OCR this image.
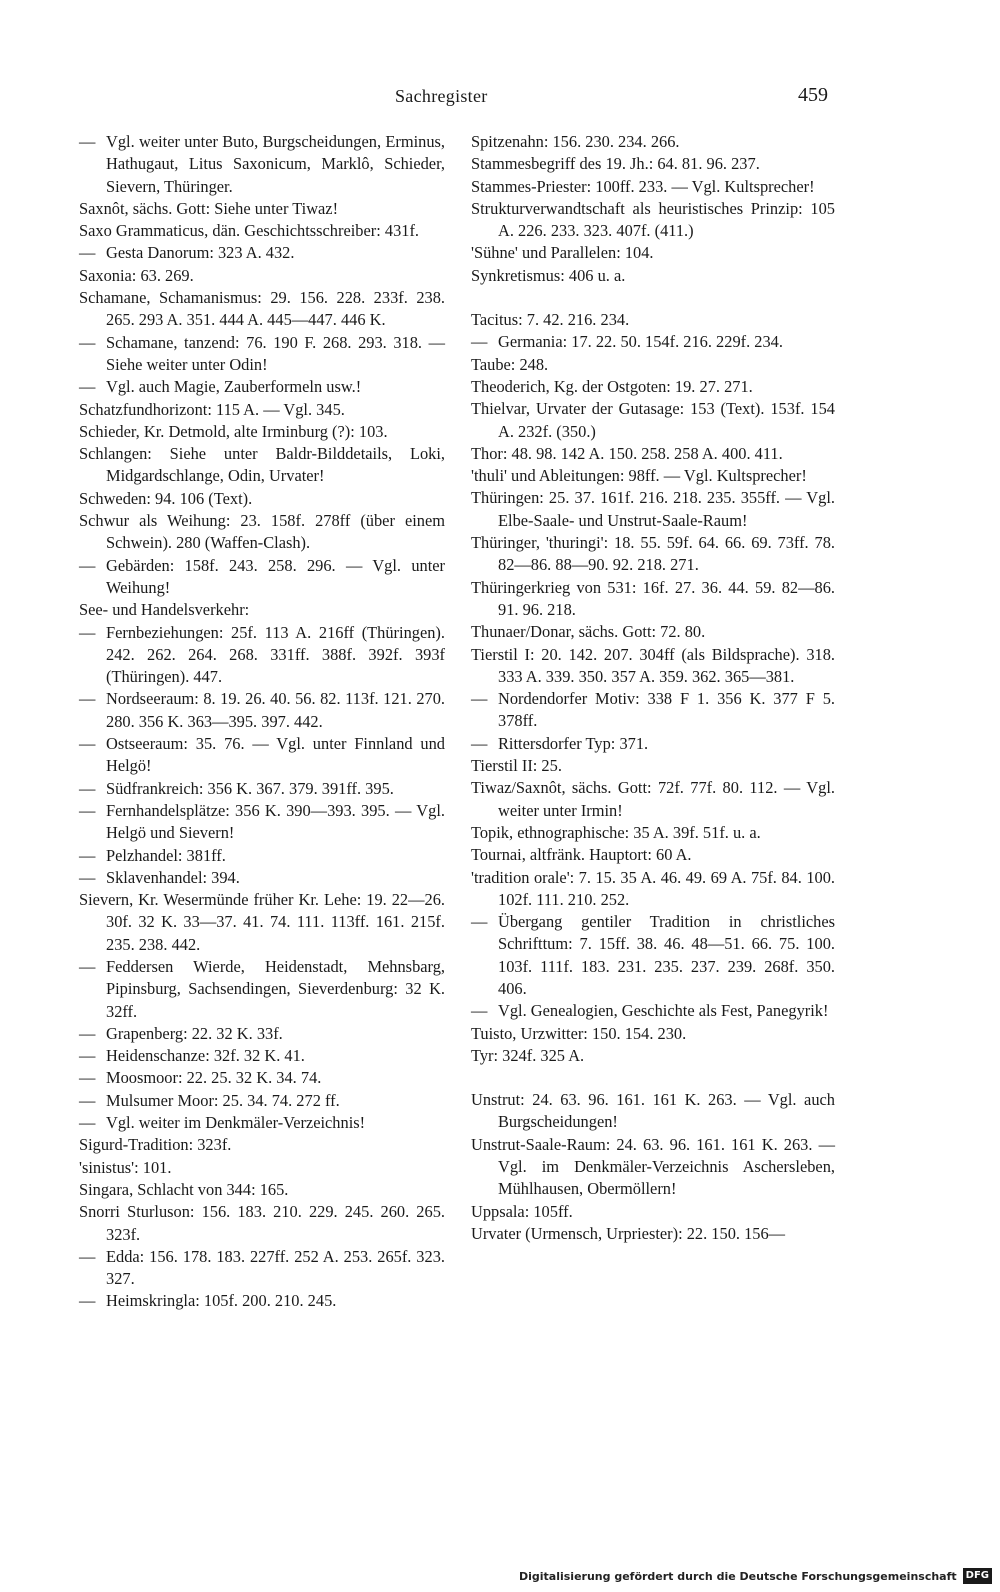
Sachregister	459

— Vgl. weiter unter Buto, Burgscheidungen, Erminus, Hathugaut, Litus Saxonicum, Marklô, Schieder, Sievern, Thüringer.

Saxnôt, sächs. Gott: Siehe unter Tiwaz!

Saxo Grammaticus, dän. Geschichtsschreiber: 431f.

— Gesta Danorum: 323 A. 432.

Saxonia: 63. 269.

Schamane, Schamanismus: 29. 156. 228. 233f. 238. 265. 293 A. 351. 444 A. 445—447. 446 K.

— Schamane, tanzend: 76. 190 F. 268. 293. 318. — Siehe weiter unter Odin!

— Vgl. auch Magie, Zauberformeln usw.!

Schatzfundhorizont: 115 A. — Vgl. 345.

Schieder, Kr. Detmold, alte Irminburg (?): 103.

Schlangen: Siehe unter Baldr-Bilddetails, Loki, Midgardschlange, Odin, Urvater!

Schweden: 94. 106 (Text).

Schwur als Weihung: 23. 158f. 278ff (über einem Schwein). 280 (Waffen-Clash).

— Gebärden: 158f. 243. 258. 296. — Vgl. unter Weihung!

See- und Handelsverkehr:

— Fernbeziehungen: 25f. 113 A. 216ff (Thüringen). 242. 262. 264. 268. 331ff. 388f. 392f. 393f (Thüringen). 447.

— Nordseeraum: 8. 19. 26. 40. 56. 82. 113f. 121. 270. 280. 356 K. 363—395. 397. 442.

— Ostseeraum: 35. 76. — Vgl. unter Finnland und Helgö!

— Südfrankreich: 356 K. 367. 379. 391ff. 395.

— Fernhandelsplätze: 356 K. 390—393. 395. — Vgl. Helgö und Sievern!

— Pelzhandel: 381ff.

— Sklavenhandel: 394.

Sievern, Kr. Wesermünde früher Kr. Lehe: 19. 22—26. 30f. 32 K. 33—37. 41. 74. 111. 113ff. 161. 215f. 235. 238. 442.

— Feddersen Wierde, Heidenstadt, Mehnsbarg, Pipinsburg, Sachsendingen, Sieverdenburg: 32 K. 32ff.

— Grapenberg: 22. 32 K. 33f.

— Heidenschanze: 32f. 32 K. 41.

— Moosmoor: 22. 25. 32 K. 34. 74.

— Mulsumer Moor: 25. 34. 74. 272 ff.

— Vgl. weiter im Denkmäler-Verzeichnis!

Sigurd-Tradition: 323f.

'sinistus': 101.

Singara, Schlacht von 344: 165.

Snorri Sturluson: 156. 183. 210. 229. 245. 260. 265. 323f.

— Edda: 156. 178. 183. 227ff. 252 A. 253. 265f. 323. 327.

— Heimskringla: 105f. 200. 210. 245.

Spitzenahn: 156. 230. 234. 266.

Stammesbegriff des 19. Jh.: 64. 81. 96. 237.

Stammes-Priester: 100ff. 233. — Vgl. Kultsprecher!

Strukturverwandtschaft als heuristisches Prinzip: 105 A. 226. 233. 323. 407f. (411.)

'Sühne' und Parallelen: 104.

Synkretismus: 406 u. a.

Tacitus: 7. 42. 216. 234.

— Germania: 17. 22. 50. 154f. 216. 229f. 234.

Taube: 248.

Theoderich, Kg. der Ostgoten: 19. 27. 271.

Thielvar, Urvater der Gutasage: 153 (Text). 153f. 154 A. 232f. (350.)

Thor: 48. 98. 142 A. 150. 258. 258 A. 400. 411.

'thuli' und Ableitungen: 98ff. — Vgl. Kultsprecher!

Thüringen: 25. 37. 161f. 216. 218. 235. 355ff. — Vgl. Elbe-Saale- und Unstrut-Saale-Raum!

Thüringer, 'thuringi': 18. 55. 59f. 64. 66. 69. 73ff. 78. 82—86. 88—90. 92. 218. 271.

Thüringerkrieg von 531: 16f. 27. 36. 44. 59. 82—86. 91. 96. 218.

Thunaer/Donar, sächs. Gott: 72. 80.

Tierstil I: 20. 142. 207. 304ff (als Bildsprache). 318. 333 A. 339. 350. 357 A. 359. 362. 365—381.

— Nordendorfer Motiv: 338 F 1. 356 K. 377 F 5. 378ff.

— Rittersdorfer Typ: 371.

Tierstil II: 25.

Tiwaz/Saxnôt, sächs. Gott: 72f. 77f. 80. 112. — Vgl. weiter unter Irmin!

Topik, ethnographische: 35 A. 39f. 51f. u. a.

Tournai, altfränk. Hauptort: 60 A.

'tradition orale': 7. 15. 35 A. 46. 49. 69 A. 75f. 84. 100. 102f. 111. 210. 252.

— Übergang gentiler Tradition in christliches Schrifttum: 7. 15ff. 38. 46. 48—51. 66. 75. 100. 103f. 111f. 183. 231. 235. 237. 239. 268f. 350. 406.

— Vgl. Genealogien, Geschichte als Fest, Panegyrik!

Tuisto, Urzwitter: 150. 154. 230.

Tyr: 324f. 325 A.

Unstrut: 24. 63. 96. 161. 161 K. 263. — Vgl. auch Burgscheidungen!

Unstrut-Saale-Raum: 24. 63. 96. 161. 161 K. 263. — Vgl. im Denkmäler-Verzeichnis Aschersleben, Mühlhausen, Obermöllern!

Uppsala: 105ff.

Urvater (Urmensch, Urpriester): 22. 150. 156—

Digitalisierung gefördert durch die Deutsche Forschungsgemeinschaft DFG
